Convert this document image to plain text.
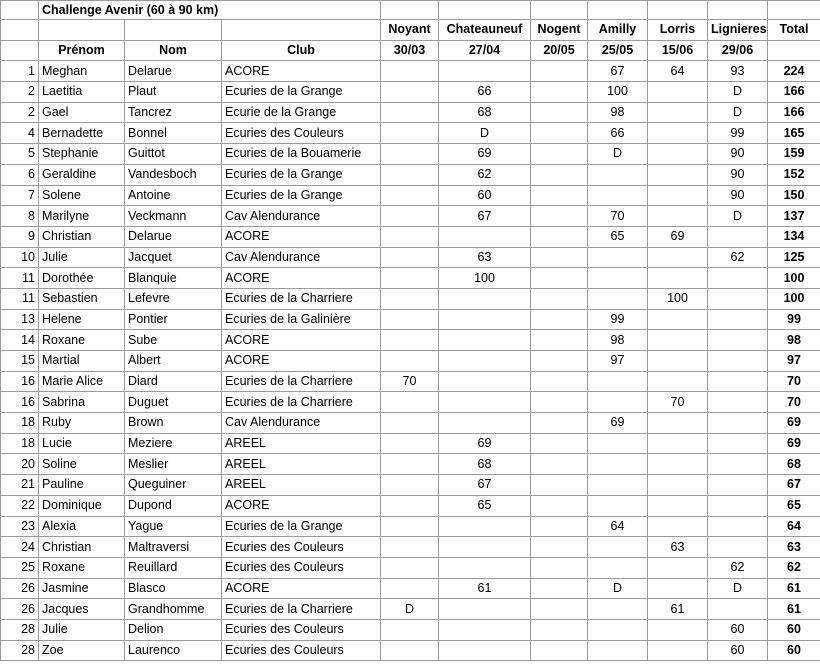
	Challenge Avenir (60 à 90 km)									
				Noyant	Chateauneuf	Nogent	Amilly	Lorris	Lignieres	Total
	Prénom	Nom	Club	30/03	27/04	20/05	25/05	15/06	29/06	
1	Meghan	Delarue	ACORE				67	64	93	224
2	Laetitia	Plaut	Ecuries de la Grange		66		100		D	166
2	Gael	Tancrez	Ecurie de la Grange		68		98		D	166
4	Bernadette	Bonnel	Ecuries des Couleurs		D		66		99	165
5	Stephanie	Guittot	Ecuries de la Bouamerie		69		D		90	159
6	Geraldine	Vandesboch	Ecuries de la Grange		62				90	152
7	Solene	Antoine	Ecuries de la Grange		60				90	150
8	Marilyne	Veckmann	Cav Alendurance		67		70		D	137
9	Christian	Delarue	ACORE				65	69		134
10	Julie	Jacquet	Cav Alendurance		63				62	125
11	Dorothée	Blanquie	ACORE		100					100
11	Sebastien	Lefevre	Ecuries de la Charriere					100		100
13	Helene	Pontier	Ecuries de la Galinière				99			99
14	Roxane	Sube	ACORE				98			98
15	Martial	Albert	ACORE				97			97
16	Marie Alice	Diard	Ecuries de la Charriere	70						70
16	Sabrina	Duguet	Ecuries de la Charriere					70		70
18	Ruby	Brown	Cav Alendurance				69			69
18	Lucie	Meziere	AREEL		69					69
20	Soline	Meslier	AREEL		68					68
21	Pauline	Queguiner	AREEL		67					67
22	Dominique	Dupond	ACORE		65					65
23	Alexia	Yague	Ecuries de la Grange				64			64
24	Christian	Maltraversi	Ecuries des Couleurs					63		63
25	Roxane	Reuillard	Ecuries des Couleurs						62	62
26	Jasmine	Blasco	ACORE		61		D		D	61
26	Jacques	Grandhomme	Ecuries de la Charriere	D				61		61
28	Julie	Delion	Ecuries des Couleurs						60	60
28	Zoe	Laurenco	Ecuries des Couleurs						60	60
